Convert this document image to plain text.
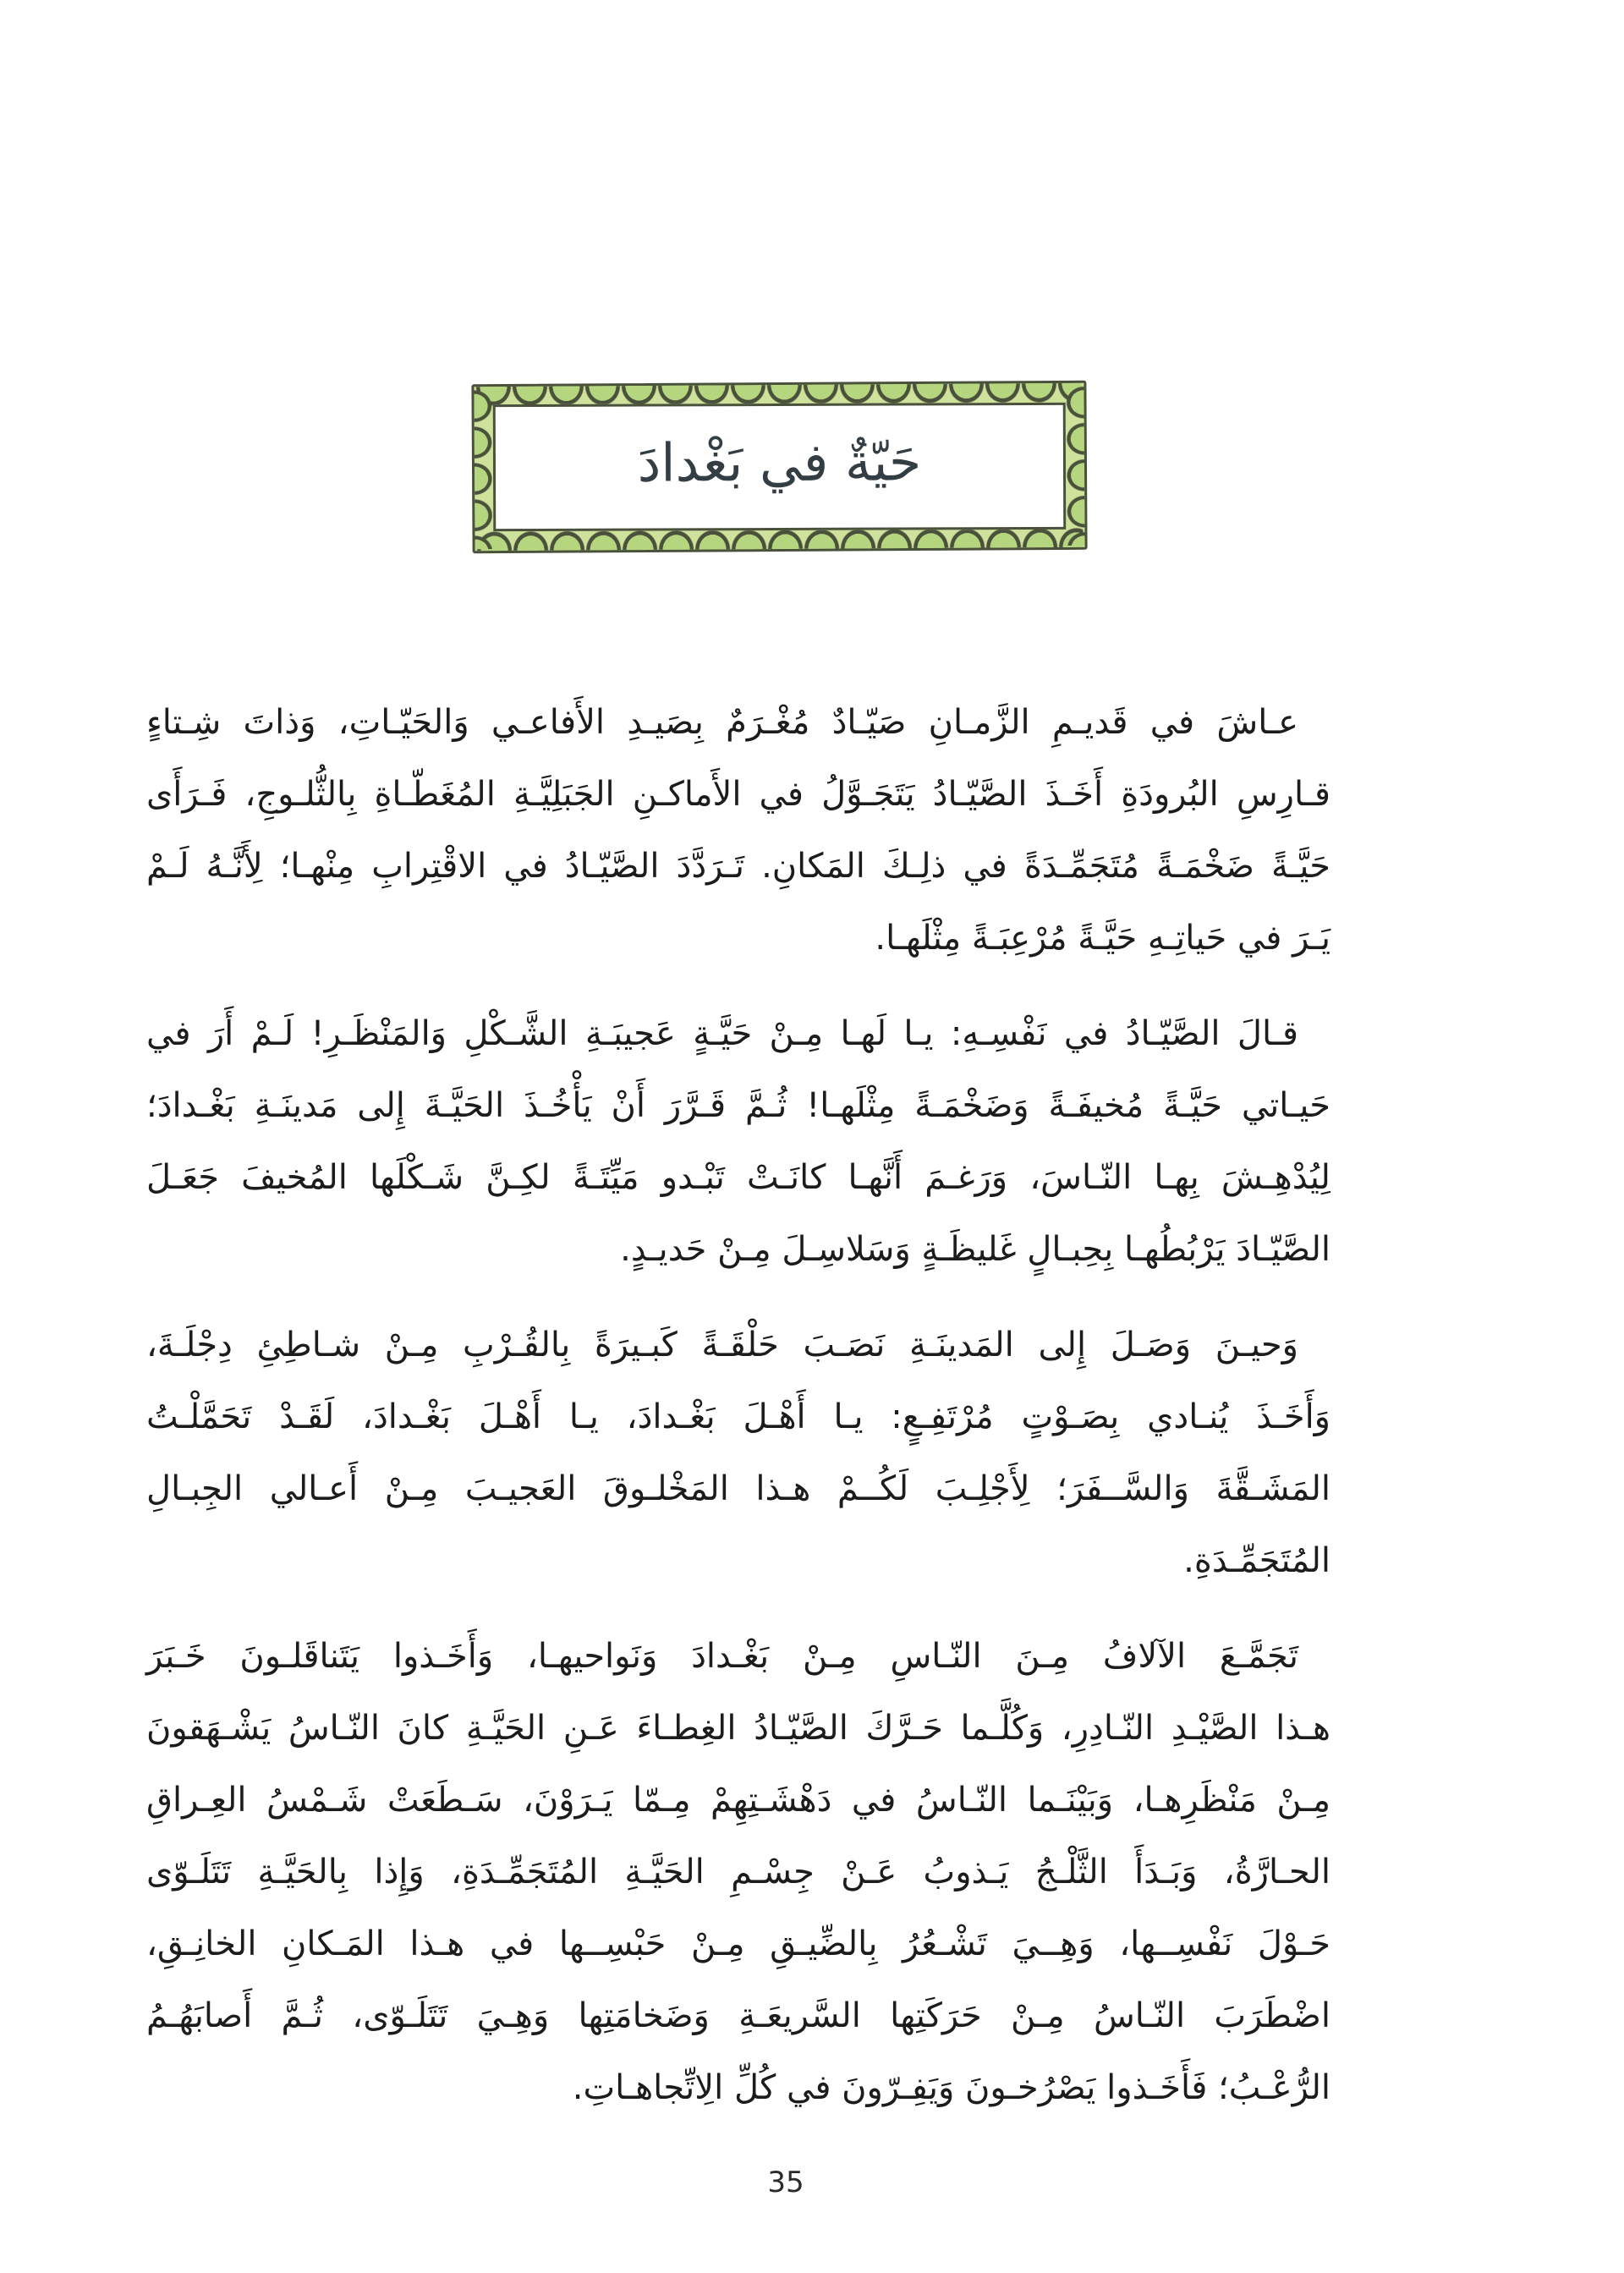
حَيّةٌ في بَغْدادَ
عـاشَ في قَديـمِ الزَّمـانِ صَيّـادٌ مُغْـرَمٌ بِصَيـدِ الأَفاعـي وَالحَيّـاتِ، وَذاتَ شِـتاءٍ
قـارِسِ البُرودَةِ أَخَـذَ الصَّيّـادُ يَتَجَـوَّلُ في الأَماكـنِ الجَبَلِيَّـةِ المُغَطّـاةِ بِالثُّلـوجِ، فَـرَأَى
حَيَّـةً ضَخْمَـةً مُتَجَمِّـدَةً في ذلِـكَ المَكانِ. تَـرَدَّدَ الصَّيّـادُ في الاقْتِرابِ مِنْهـا؛ لِأَنَّـهُ لَـمْ
يَـرَ في حَياتِـهِ حَيَّـةً مُرْعِبَـةً مِثْلَهـا.
قـالَ الصَّيّـادُ في نَفْسِـهِ: يـا لَهـا مِـنْ حَيَّـةٍ عَجيبَـةِ الشَّـكْلِ وَالمَنْظَـرِ! لَـمْ أَرَ في
حَيـاتي حَيَّـةً مُخيفَـةً وَضَخْمَـةً مِثْلَهـا! ثُـمَّ قَـرَّرَ أَنْ يَأْخُـذَ الحَيَّـةَ إِلى مَدينَـةِ بَغْـدادَ؛
لِيُدْهِـشَ بِهـا النّـاسَ، وَرَغـمَ أَنَّهـا كانَـتْ تَبْـدو مَيِّتَـةً لكِـنَّ شَـكْلَها المُخيفَ جَعَـلَ
الصَّيّـادَ يَرْبُطُهـا بِحِبـالٍ غَليظَـةٍ وَسَلاسِـلَ مِـنْ حَديـدٍ.
وَحيـنَ وَصَـلَ إِلى المَدينَـةِ نَصَـبَ حَلْقَـةً كَبـيرَةً بِالقُـرْبِ مِـنْ شـاطِئِ دِجْلَـةَ،
وَأَخَـذَ يُنـادي بِصَـوْتٍ مُرْتَفِـعٍ: يـا أَهْـلَ بَغْـدادَ، يـا أَهْـلَ بَغْـدادَ، لَقَـدْ تَحَمَّلْـتُ
المَشَـقَّةَ وَالسَّــفَرَ؛ لِأَجْلِـبَ لَكُــمْ هـذا المَخْلـوقَ العَجيـبَ مِـنْ أَعـالي الجِبـالِ
المُتَجَمِّـدَةِ.
تَجَمَّـعَ الآلافُ مِـنَ النّـاسِ مِـنْ بَغْـدادَ وَنَواحيهـا، وَأَخَـذوا يَتَناقَلـونَ خَـبَرَ
هـذا الصَّيْـدِ النّـادِرِ، وَكُلَّـما حَـرَّكَ الصَّيّـادُ الغِطـاءَ عَـنِ الحَيَّـةِ كانَ النّـاسُ يَشْـهَقونَ
مِـنْ مَنْظَرِهـا، وَبَيْنَـما النّـاسُ في دَهْشَـتِهِمْ مِـمّا يَـرَوْنَ، سَـطَعَتْ شَـمْسُ العِـراقِ
الحـارَّةُ، وَبَـدَأَ الثَّلْـجُ يَـذوبُ عَـنْ جِسْـمِ الحَيَّـةِ المُتَجَمِّـدَةِ، وَإِذا بِالحَيَّـةِ تَتَلَـوّى
حَـوْلَ نَفْسِــها، وَهِــيَ تَشْـعُرُ بِالضِّيـقِ مِـنْ حَبْسِــها في هـذا المَـكانِ الخانِـقِ،
اضْطَرَبَ النّـاسُ مِـنْ حَرَكَتِها السَّريعَـةِ وَضَخامَتِها وَهِـيَ تَتَلَـوّى، ثُـمَّ أَصابَهُـمُ
الرُّعْـبُ؛ فَأَخَـذوا يَصْرُخـونَ وَيَفِـرّونَ في كُلِّ الِاتِّجاهـاتِ.
35
